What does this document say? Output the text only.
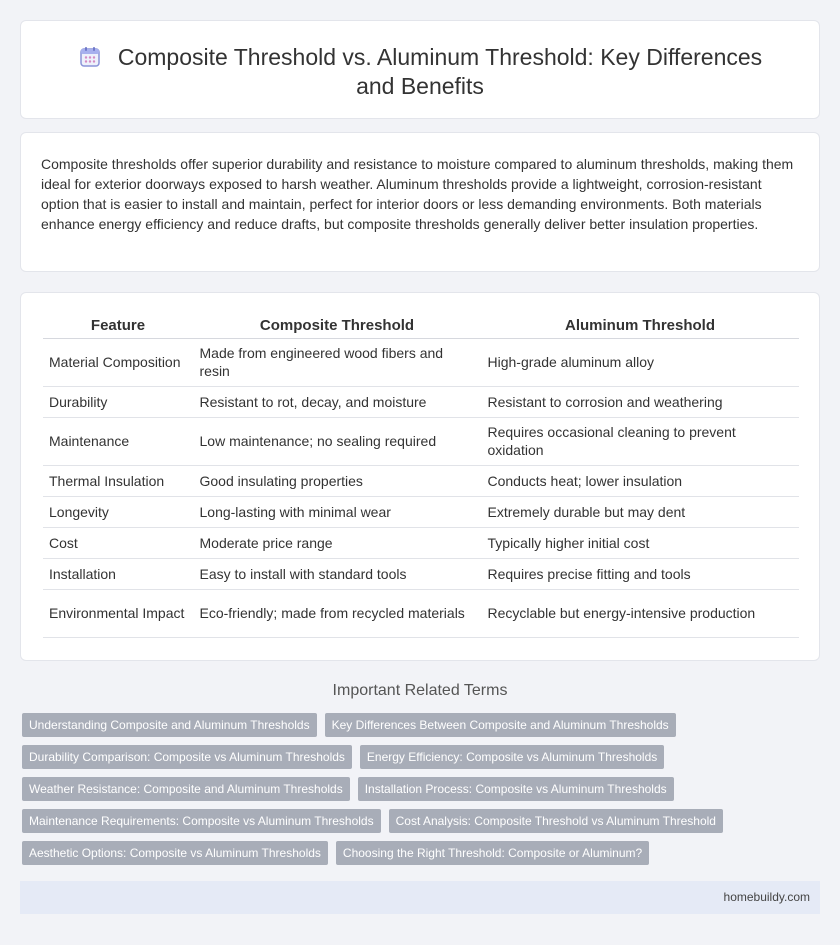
Composite Threshold vs. Aluminum Threshold: Key Differences and Benefits

Composite thresholds offer superior durability and resistance to moisture compared to aluminum thresholds, making them ideal for exterior doorways exposed to harsh weather. Aluminum thresholds provide a lightweight, corrosion-resistant option that is easier to install and maintain, perfect for interior doors or less demanding environments. Both materials enhance energy efficiency and reduce drafts, but composite thresholds generally deliver better insulation properties.

Feature	Composite Threshold	Aluminum Threshold
Material Composition	Made from engineered wood fibers and resin	High-grade aluminum alloy
Durability	Resistant to rot, decay, and moisture	Resistant to corrosion and weathering
Maintenance	Low maintenance; no sealing required	Requires occasional cleaning to prevent oxidation
Thermal Insulation	Good insulating properties	Conducts heat; lower insulation
Longevity	Long-lasting with minimal wear	Extremely durable but may dent
Cost	Moderate price range	Typically higher initial cost
Installation	Easy to install with standard tools	Requires precise fitting and tools
Environmental Impact	Eco-friendly; made from recycled materials	Recyclable but energy-intensive production
Important Related Terms
Understanding Composite and Aluminum Thresholds	Key Differences Between Composite and Aluminum Thresholds
Durability Comparison: Composite vs Aluminum Thresholds	Energy Efficiency: Composite vs Aluminum Thresholds
Weather Resistance: Composite and Aluminum Thresholds	Installation Process: Composite vs Aluminum Thresholds
Maintenance Requirements: Composite vs Aluminum Thresholds	Cost Analysis: Composite Threshold vs Aluminum Threshold
Aesthetic Options: Composite vs Aluminum Thresholds	Choosing the Right Threshold: Composite or Aluminum?
homebuildy.com
